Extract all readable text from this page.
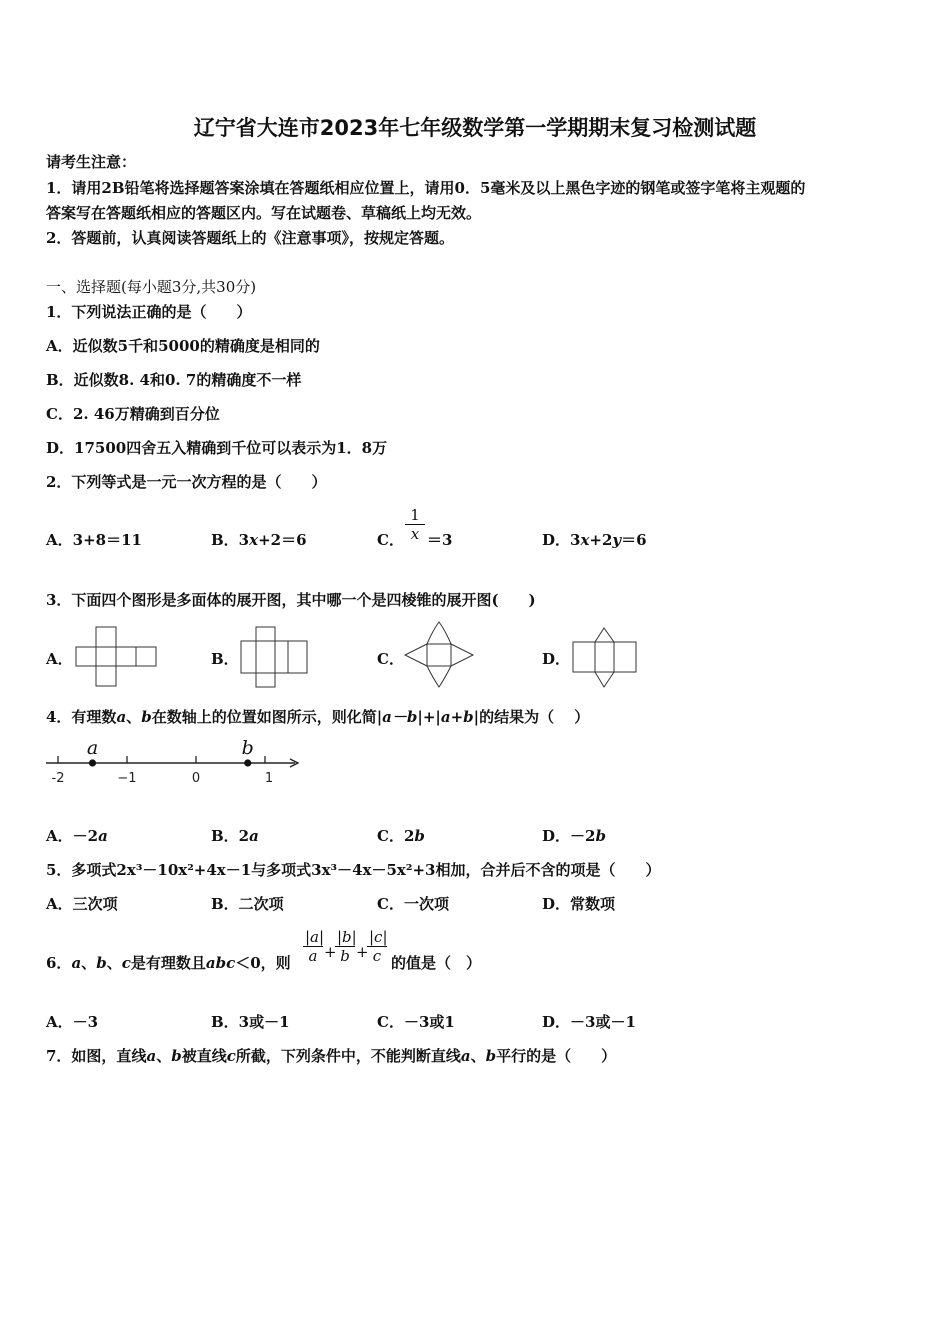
辽宁省大连市2023年七年级数学第一学期期末复习检测试题
请考生注意：
1．请用2B铅笔将选择题答案涂填在答题纸相应位置上，请用0．5毫米及以上黑色字迹的钢笔或签字笔将主观题的
答案写在答题纸相应的答题区内。写在试题卷、草稿纸上均无效。
2．答题前，认真阅读答题纸上的《注意事项》，按规定答题。
一、选择题(每小题3分,共30分)
1．下列说法正确的是（　　）
A．近似数5千和5000的精确度是相同的
B．近似数8. 4和0. 7的精确度不一样
C．2. 46万精确到百分位
D．17500四舍五入精确到千位可以表示为1．8万
2．下列等式是一元一次方程的是（　　）
A．3+8＝11	B．3x+2＝6	C． $\frac{1}{x} =3$	D．3x+2y＝6
3．下面四个图形是多面体的展开图，其中哪一个是四棱锥的展开图(　　)
A．	B．	C．	D．
4．有理数a、b在数轴上的位置如图所示，则化简|a－b|+|a+b|的结果为（　 ）
-2	−1	0	1
a	b
A．－2a	B．2a	C．2b	D．－2b
5．多项式2x³－10x²+4x－1与多项式3x³－4x－5x²+3相加，合并后不含的项是（　　）
A．三次项	B．二次项	C．一次项	D．常数项
6．a、b、c是有理数且abc＜0，则 $\frac{|a|}{a}$ +
$\frac{|b|}{b}$ +
$\frac{|c|}{c}$ 的值是（　）
A．－3	B．3或－1	C．－3或1	D．－3或－1
7．如图，直线a、b被直线c所截，下列条件中，不能判断直线a、b平行的是（　　）
